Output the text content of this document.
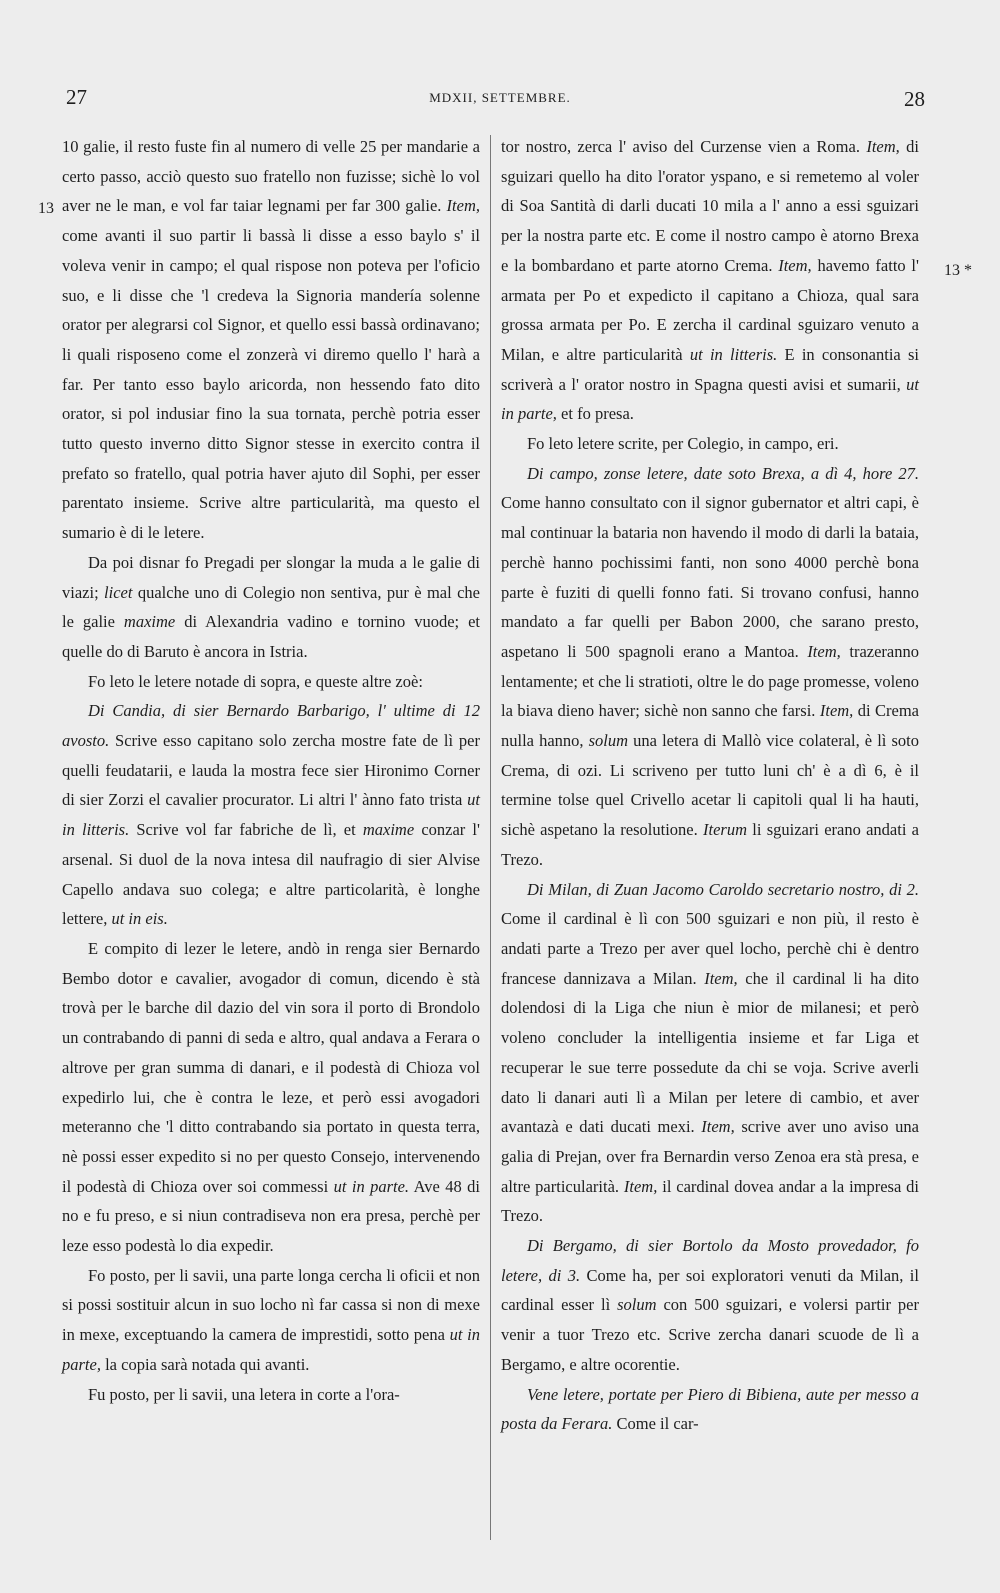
27	MDXII, SETTEMBRE.	28
13
13 *

10 galie, il resto fuste fin al numero di velle 25 per mandarie a certo passo, acciò questo suo fratello non fuzisse; sichè lo vol aver ne le man, e vol far taiar legnami per far 300 galie. Item, come avanti il suo partir li bassà li disse a esso baylo s' il voleva venir in campo; el qual rispose non poteva per l'oficio suo, e li disse che 'l credeva la Signoria mandería solenne orator per alegrarsi col Signor, et quello essi bassà ordinavano; li quali risposeno come el zonzerà vi diremo quello l' harà a far. Per tanto esso baylo aricorda, non hessendo fato dito orator, si pol indusiar fino la sua tornata, perchè potria esser tutto questo inverno ditto Signor stesse in exercito contra il prefato so fratello, qual potria haver ajuto dil Sophi, per esser parentato insieme. Scrive altre particularità, ma questo el sumario è di le letere.

Da poi disnar fo Pregadi per slongar la muda a le galie di viazi; licet qualche uno di Colegio non sentiva, pur è mal che le galie maxime di Alexandria vadino e tornino vuode; et quelle do di Baruto è ancora in Istria.

Fo leto le letere notade di sopra, e queste altre zoè:

Di Candia, di sier Bernardo Barbarigo, l' ultime di 12 avosto. Scrive esso capitano solo zercha mostre fate de lì per quelli feudatarii, e lauda la mostra fece sier Hironimo Corner di sier Zorzi el cavalier procurator. Li altri l' ànno fato trista ut in litteris. Scrive vol far fabriche de lì, et maxime conzar l' arsenal. Si duol de la nova intesa dil naufragio di sier Alvise Capello andava suo colega; e altre particolarità, è longhe lettere, ut in eis.

E compito di lezer le letere, andò in renga sier Bernardo Bembo dotor e cavalier, avogador di comun, dicendo è stà trovà per le barche dil dazio del vin sora il porto di Brondolo un contrabando di panni di seda e altro, qual andava a Ferara o altrove per gran summa di danari, e il podestà di Chioza vol expedirlo lui, che è contra le leze, et però essi avogadori meteranno che 'l ditto contrabando sia portato in questa terra, nè possi esser expedito si no per questo Consejo, intervenendo il podestà di Chioza over soi commessi ut in parte. Ave 48 di no e fu preso, e si niun contradiseva non era presa, perchè per leze esso podestà lo dia expedir.

Fo posto, per li savii, una parte longa cercha li oficii et non si possi sostituir alcun in suo locho nì far cassa si non di mexe in mexe, exceptuando la camera de imprestidi, sotto pena ut in parte, la copia sarà notada qui avanti.

Fu posto, per li savii, una letera in corte a l'ora-

tor nostro, zerca l' aviso del Curzense vien a Roma. Item, di sguizari quello ha dito l'orator yspano, e si remetemo al voler di Soa Santità di darli ducati 10 mila a l' anno a essi sguizari per la nostra parte etc. E come il nostro campo è atorno Brexa e la bombardano et parte atorno Crema. Item, havemo fatto l' armata per Po et expedicto il capitano a Chioza, qual sara grossa armata per Po. E zercha il cardinal sguizaro venuto a Milan, e altre particularità ut in litteris. E in consonantia si scriverà a l' orator nostro in Spagna questi avisi et sumarii, ut in parte, et fo presa.

Fo leto letere scrite, per Colegio, in campo, eri.

Di campo, zonse letere, date soto Brexa, a dì 4, hore 27. Come hanno consultato con il signor gubernator et altri capi, è mal continuar la bataria non havendo il modo di darli la bataia, perchè hanno pochissimi fanti, non sono 4000 perchè bona parte è fuziti di quelli fonno fati. Si trovano confusi, hanno mandato a far quelli per Babon 2000, che sarano presto, aspetano li 500 spagnoli erano a Mantoa. Item, trazeranno lentamente; et che li stratioti, oltre le do page promesse, voleno la biava dieno haver; sichè non sanno che farsi. Item, di Crema nulla hanno, solum una letera di Mallò vice colateral, è lì soto Crema, di ozi. Li scriveno per tutto luni ch' è a dì 6, è il termine tolse quel Crivello acetar li capitoli qual li ha hauti, sichè aspetano la resolutione. Iterum li sguizari erano andati a Trezo.

Di Milan, di Zuan Jacomo Caroldo secretario nostro, di 2. Come il cardinal è lì con 500 sguizari e non più, il resto è andati parte a Trezo per aver quel locho, perchè chi è dentro francese dannizava a Milan. Item, che il cardinal li ha dito dolendosi di la Liga che niun è mior de milanesi; et però voleno concluder la intelligentia insieme et far Liga et recuperar le sue terre possedute da chi se voja. Scrive averli dato li danari auti lì a Milan per letere di cambio, et aver avantazà e dati ducati mexi. Item, scrive aver uno aviso una galia di Prejan, over fra Bernardin verso Zenoa era stà presa, e altre particularità. Item, il cardinal dovea andar a la impresa di Trezo.

Di Bergamo, di sier Bortolo da Mosto provedador, fo letere, di 3. Come ha, per soi exploratori venuti da Milan, il cardinal esser lì solum con 500 sguizari, e volersi partir per venir a tuor Trezo etc. Scrive zercha danari scuode de lì a Bergamo, e altre ocorentie.

Vene letere, portate per Piero di Bibiena, aute per messo a posta da Ferara. Come il car-
